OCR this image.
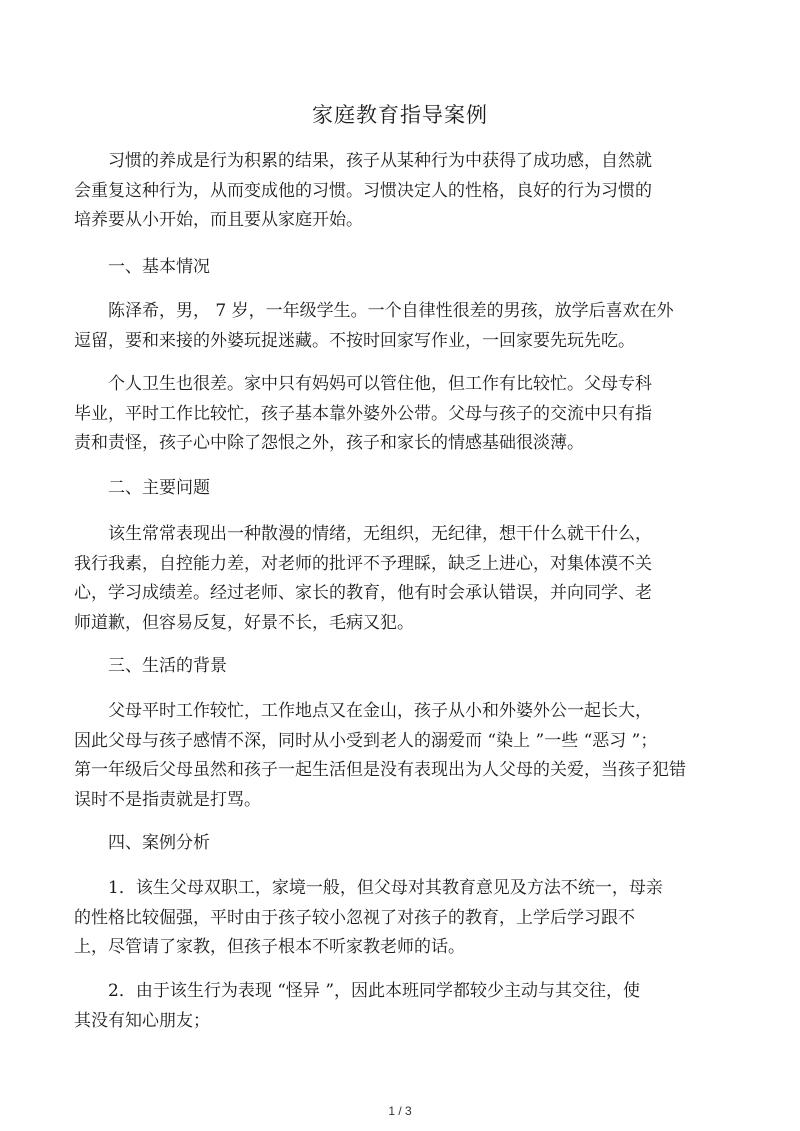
家庭教育指导案例
习惯的养成是行为积累的结果，孩子从某种行为中获得了成功感，自然就
会重复这种行为，从而变成他的习惯。习惯决定人的性格，良好的行为习惯的
培养要从小开始，而且要从家庭开始。
一、基本情况
陈泽希，男， 7 岁，一年级学生。一个自律性很差的男孩，放学后喜欢在外
逗留，要和来接的外婆玩捉迷藏。不按时回家写作业，一回家要先玩先吃。
个人卫生也很差。家中只有妈妈可以管住他，但工作有比较忙。父母专科
毕业，平时工作比较忙，孩子基本靠外婆外公带。父母与孩子的交流中只有指
责和责怪，孩子心中除了怨恨之外，孩子和家长的情感基础很淡薄。
二、主要问题
该生常常表现出一种散漫的情绪，无组织，无纪律，想干什么就干什么，
我行我素，自控能力差，对老师的批评不予理睬，缺乏上进心，对集体漠不关
心，学习成绩差。经过老师、家长的教育，他有时会承认错误，并向同学、老
师道歉，但容易反复，好景不长，毛病又犯。
三、生活的背景
父母平时工作较忙，工作地点又在金山，孩子从小和外婆外公一起长大，
因此父母与孩子感情不深，同时从小受到老人的溺爱而 “染上 ”一些 “恶习 ”；
第一年级后父母虽然和孩子一起生活但是没有表现出为人父母的关爱，当孩子犯错
误时不是指责就是打骂。
四、案例分析
1．该生父母双职工，家境一般，但父母对其教育意见及方法不统一，母亲
的性格比较倔强，平时由于孩子较小忽视了对孩子的教育，上学后学习跟不
上，尽管请了家教，但孩子根本不听家教老师的话。
2．由于该生行为表现 “怪异 ”，因此本班同学都较少主动与其交往，使
其没有知心朋友；
1 / 3
